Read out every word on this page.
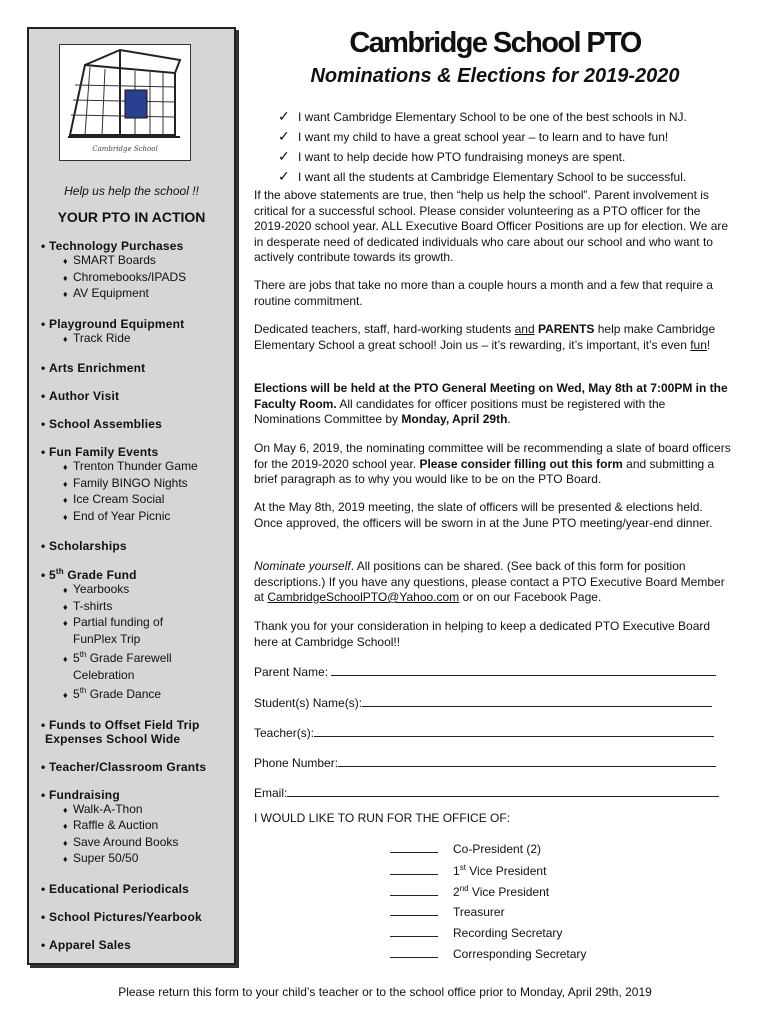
Cambridge School
Help us help the school !!
YOUR PTO IN ACTION
• Technology Purchases
♦ SMART Boards
♦ Chromebooks/IPADS
♦ AV Equipment
• Playground Equipment
♦ Track Ride
• Arts Enrichment
• Author Visit
• School Assemblies
• Fun Family Events
♦ Trenton Thunder Game
♦ Family BINGO Nights
♦ Ice Cream Social
♦ End of Year Picnic
• Scholarships
• 5th Grade Fund
♦ Yearbooks
♦ T-shirts
♦ Partial funding of
FunPlex Trip
♦ 5th Grade Farewell
Celebration
♦ 5th Grade Dance
• Funds to Offset Field Trip
Expenses School Wide
• Teacher/Classroom Grants
• Fundraising
♦ Walk-A-Thon
♦ Raffle & Auction
♦ Save Around Books
♦ Super 50/50
• Educational Periodicals
• School Pictures/Yearbook
• Apparel Sales
Cambridge School PTO
Nominations & Elections for 2019-2020
✓ I want Cambridge Elementary School to be one of the best schools in NJ.
✓ I want my child to have a great school year – to learn and to have fun!
✓ I want to help decide how PTO fundraising moneys are spent.
✓ I want all the students at Cambridge Elementary School to be successful.
If the above statements are true, then “help us help the school”. Parent involvement is critical for a successful school. Please consider volunteering as a PTO officer for the 2019-2020 school year. ALL Executive Board Officer Positions are up for election. We are in desperate need of dedicated individuals who care about our school and who want to actively contribute towards its growth.
There are jobs that take no more than a couple hours a month and a few that require a routine commitment.
Dedicated teachers, staff, hard-working students and PARENTS help make Cambridge Elementary School a great school! Join us – it’s rewarding, it’s important, it’s even fun!
Elections will be held at the PTO General Meeting on Wed, May 8th at 7:00PM in the Faculty Room. All candidates for officer positions must be registered with the Nominations Committee by Monday, April 29th.
On May 6, 2019, the nominating committee will be recommending a slate of board officers for the 2019-2020 school year. Please consider filling out this form and submitting a brief paragraph as to why you would like to be on the PTO Board.
At the May 8th, 2019 meeting, the slate of officers will be presented & elections held. Once approved, the officers will be sworn in at the June PTO meeting/year-end dinner.
Nominate yourself. All positions can be shared. (See back of this form for position descriptions.) If you have any questions, please contact a PTO Executive Board Member at CambridgeSchoolPTO@Yahoo.com or on our Facebook Page.
Thank you for your consideration in helping to keep a dedicated PTO Executive Board here at Cambridge School!!
Parent Name:
Student(s) Name(s):
Teacher(s):
Phone Number:
Email:
I WOULD LIKE TO RUN FOR THE OFFICE OF:
Co-President (2)
1st Vice President
2nd Vice President
Treasurer
Recording Secretary
Corresponding Secretary
Please return this form to your child’s teacher or to the school office prior to Monday, April 29th, 2019
